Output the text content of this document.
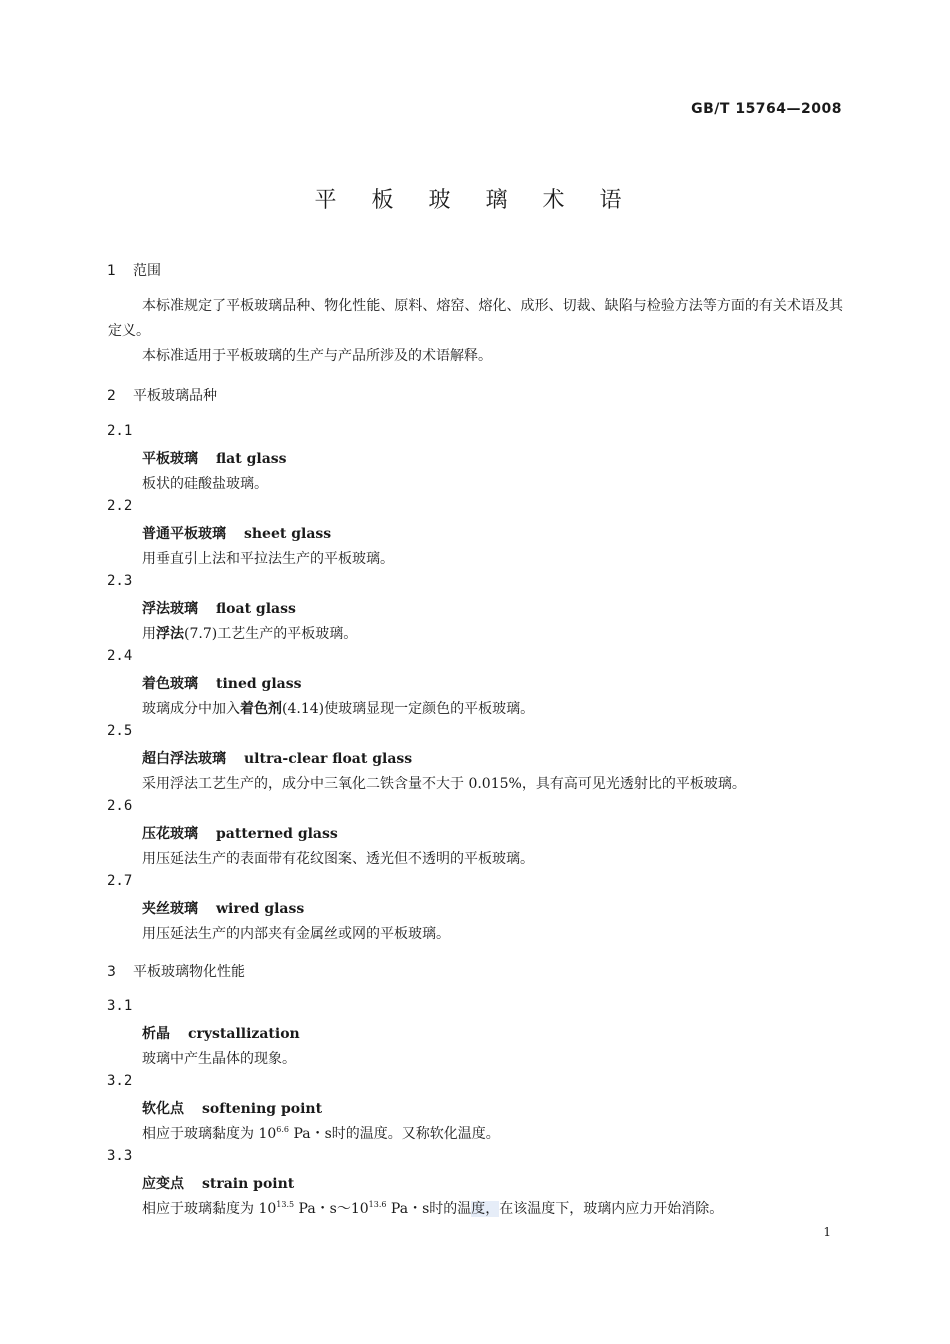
GB/T 15764—2008
平 板 玻 璃 术 语
1 范围
本标准规定了平板玻璃品种、物化性能、原料、熔窑、熔化、成形、切裁、缺陷与检验方法等方面的有关术语及其定义。
本标准适用于平板玻璃的生产与产品所涉及的术语解释。
2 平板玻璃品种
2.1
平板玻璃 flat glass
板状的硅酸盐玻璃。
2.2
普通平板玻璃 sheet glass
用垂直引上法和平拉法生产的平板玻璃。
2.3
浮法玻璃 float glass
用浮法(7.7)工艺生产的平板玻璃。
2.4
着色玻璃 tined glass
玻璃成分中加入着色剂(4.14)使玻璃显现一定颜色的平板玻璃。
2.5
超白浮法玻璃 ultra-clear float glass
采用浮法工艺生产的，成分中三氧化二铁含量不大于 0.015%，具有高可见光透射比的平板玻璃。
2.6
压花玻璃 patterned glass
用压延法生产的表面带有花纹图案、透光但不透明的平板玻璃。
2.7
夹丝玻璃 wired glass
用压延法生产的内部夹有金属丝或网的平板玻璃。
3 平板玻璃物化性能
3.1
析晶 crystallization
玻璃中产生晶体的现象。
3.2
软化点 softening point
相应于玻璃黏度为 $10^{6.6}$ Pa・s时的温度。又称软化温度。
3.3
应变点 strain point
相应于玻璃黏度为 $10^{13.5}$ Pa・$s\sim 10^{13.6}$ Pa・s时的温度，在该温度下，玻璃内应力开始消除。
1
